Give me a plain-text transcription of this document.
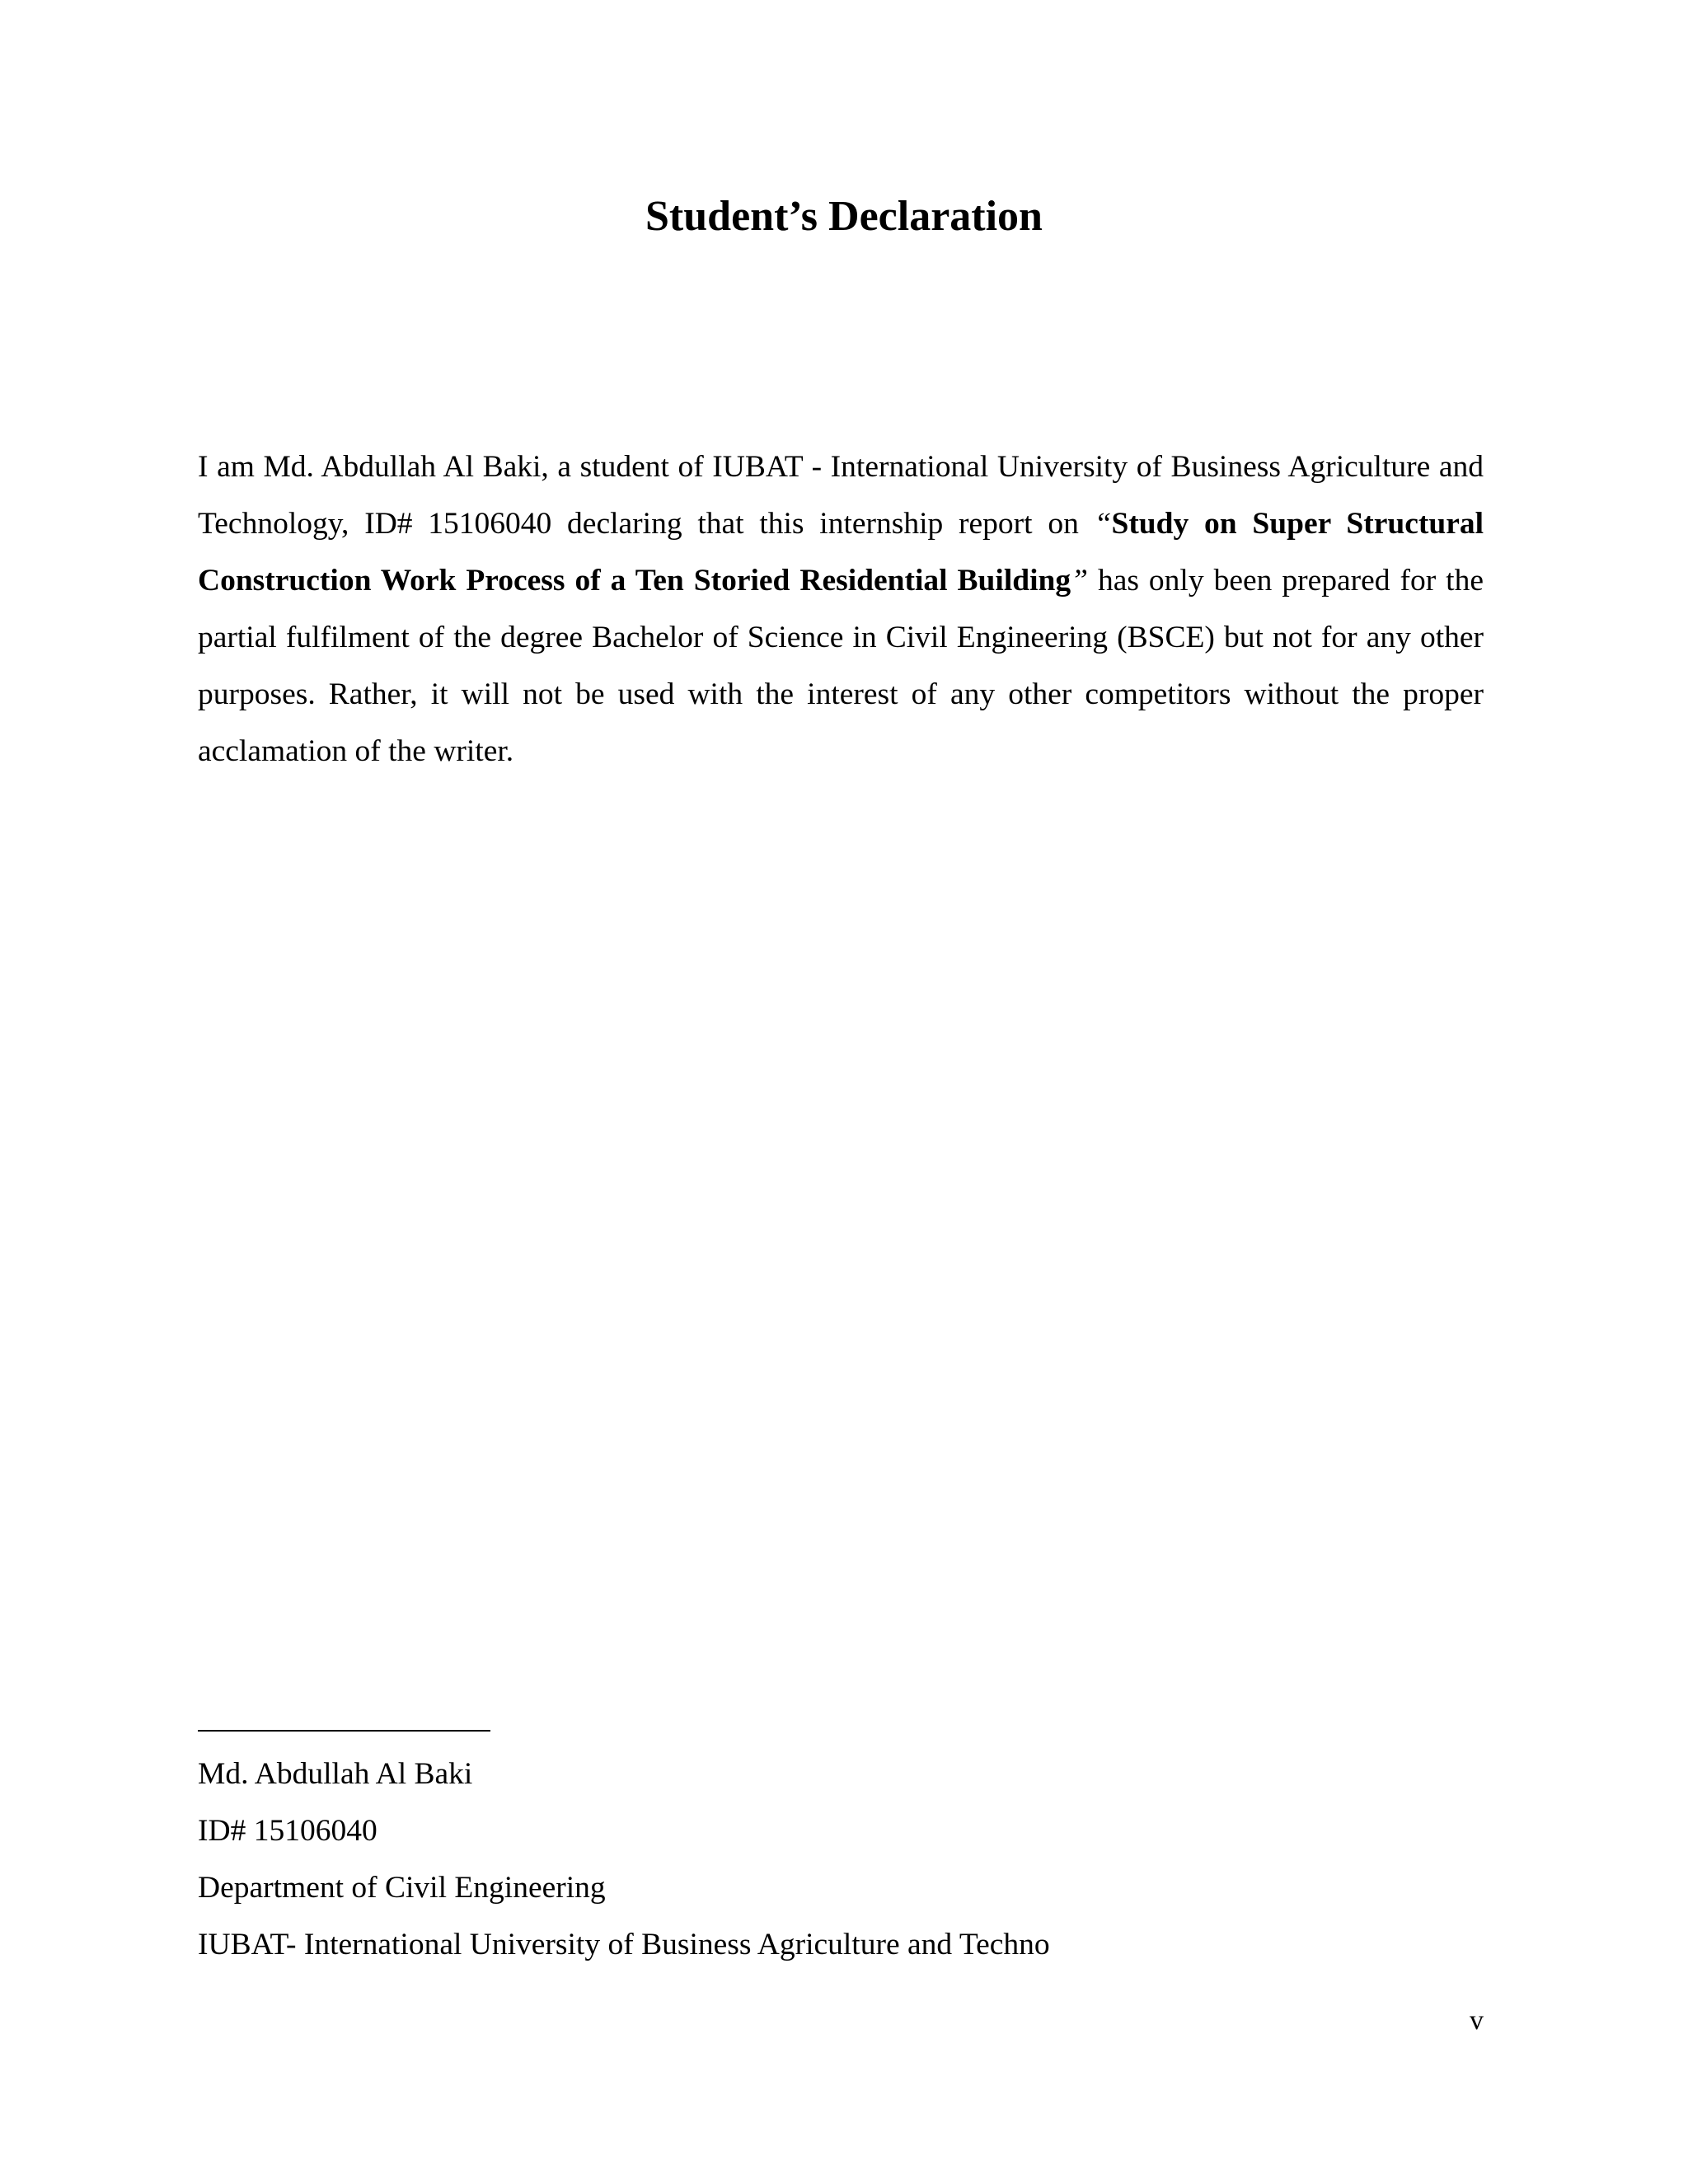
Student’s Declaration

I am Md. Abdullah Al Baki, a student of IUBAT - International University of Business Agriculture and Technology, ID# 15106040 declaring that this internship report on “Study on Super Structural Construction Work Process of a Ten Storied Residential Building” has only been prepared for the partial fulfilment of the degree Bachelor of Science in Civil Engineering (BSCE) but not for any other purposes. Rather, it will not be used with the interest of any other competitors without the proper acclamation of the writer.

Md. Abdullah Al Baki
ID# 15106040
Department of Civil Engineering
IUBAT- International University of Business Agriculture and Techno
v
